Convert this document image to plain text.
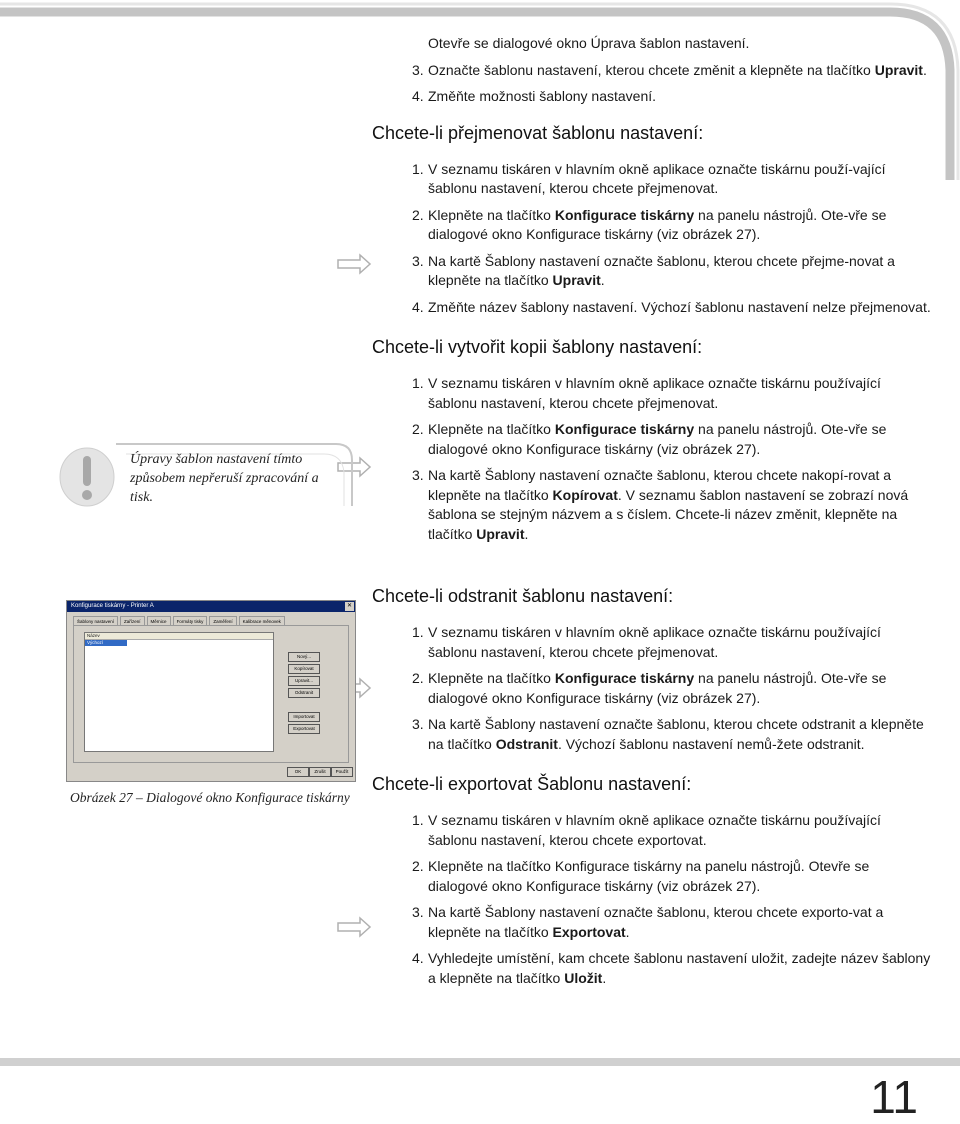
Otevře se dialogové okno Úprava šablon nastavení.
3. Označte šablonu nastavení, kterou chcete změnit a klepněte na tlačítko Upravit.
4. Změňte možnosti šablony nastavení.
Chcete-li přejmenovat šablonu nastavení:
1. V seznamu tiskáren v hlavním okně aplikace označte tiskárnu použí-vající šablonu nastavení, kterou chcete přejmenovat.
2. Klepněte na tlačítko Konfigurace tiskárny na panelu nástrojů. Ote-vře se dialogové okno Konfigurace tiskárny (viz obrázek 27).
3. Na kartě Šablony nastavení označte šablonu, kterou chcete přejme-novat a klepněte na tlačítko Upravit.
4. Změňte název šablony nastavení. Výchozí šablonu nastavení nelze přejmenovat.
Chcete-li vytvořit kopii šablony nastavení:
1. V seznamu tiskáren v hlavním okně aplikace označte tiskárnu používající šablonu nastavení, kterou chcete přejmenovat.
2. Klepněte na tlačítko Konfigurace tiskárny na panelu nástrojů. Ote-vře se dialogové okno Konfigurace tiskárny (viz obrázek 27).
3. Na kartě Šablony nastavení označte šablonu, kterou chcete nakopí-rovat a klepněte na tlačítko Kopírovat. V seznamu šablon nastavení se zobrazí nová šablona se stejným názvem a s číslem. Chcete-li název změnit, klepněte na tlačítko Upravit.
Chcete-li odstranit šablonu nastavení:
1. V seznamu tiskáren v hlavním okně aplikace označte tiskárnu používající šablonu nastavení, kterou chcete přejmenovat.
2. Klepněte na tlačítko Konfigurace tiskárny na panelu nástrojů. Ote-vře se dialogové okno Konfigurace tiskárny (viz obrázek 27).
3. Na kartě Šablony nastavení označte šablonu, kterou chcete odstranit a klepněte na tlačítko Odstranit. Výchozí šablonu nastavení nemů-žete odstranit.
Chcete-li exportovat Šablonu nastavení:
1. V seznamu tiskáren v hlavním okně aplikace označte tiskárnu používající šablonu nastavení, kterou chcete exportovat.
2. Klepněte na tlačítko Konfigurace tiskárny na panelu nástrojů. Otevře se dialogové okno Konfigurace tiskárny (viz obrázek 27).
3. Na kartě Šablony nastavení označte šablonu, kterou chcete exporto-vat a klepněte na tlačítko Exportovat.
4. Vyhledejte umístění, kam chcete šablonu nastavení uložit, zadejte název šablony a klepněte na tlačítko Uložit.
Úpravy šablon nastavení tímto způsobem nepřeruší zpracování a tisk.
Konfigurace tiskárny - Printer A	✕
Šablony nastavení	Zařízení	Měrnice	Formáty tisky	Zaměření	Kalibrace měnovek
Název
Výchozí
Nový...
Kopírovat
Upravit...
Odstranit
Importovat
Exportovat
OK	Zrušit	Použít
Obrázek 27 – Dialogové okno Konfigurace tiskárny
11
